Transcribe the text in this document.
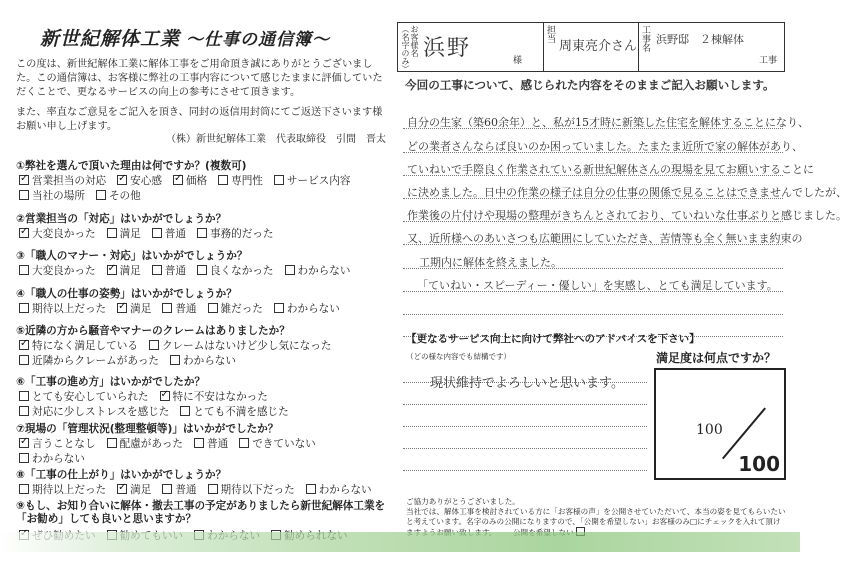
新世紀解体工業 〜仕事の通信簿〜

この度は、新世紀解体工業に解体工事をご用命頂き誠にありがとうございました。この通信簿は、お客様に弊社の工事内容について感じたままに評価していただくことで、更なるサービスの向上の参考にさせて頂きます。

また、率直なご意見をご記入を頂き、同封の返信用封筒にてご返送下さいます様お願い申し上げます。

（株）新世紀解体工業　代表取締役　引間　晋太
お客様名（名字のみ） 浜野	様
担当
周東亮介さん 工事名 浜野邸　２棟解体
工事
①弊社を選んで頂いた理由は何ですか？(複数可)
✓営業担当の対応 ✓ 安心感 ✓ 価格 専門性 サービス内容
当社の場所 その他
②営業担当の「対応」はいかがでしょうか？
✓大変良かった 満足 普通 事務的だった
③「職人のマナー・対応」はいかがでしょうか？
大変良かった ✓ 満足 普通 良くなかった わからない
④「職人の仕事の姿勢」はいかがでしょうか？
期待以上だった ✓ 満足 普通 雑だった わからない
⑤近隣の方から騒音やマナーのクレームはありましたか？
✓特になく満足している クレームはないけど少し気になった
近隣からクレームがあった わからない
⑥「工事の進め方」はいかがでしたか？
とても安心していられた ✓ 特に不安はなかった
対応に少しストレスを感じた とても不満を感じた
⑦現場の「管理状況(整理整頓等)」はいかがでしたか？
✓言うことなし 配慮があった 普通 できていない
わからない
⑧「工事の仕上がり」はいかがでしょうか？
期待以上だった ✓ 満足 普通 期待以下だった わからない
⑨もし、お知り合いに解体・撤去工事の予定がありましたら新世紀解体工業を「お勧め」しても良いと思いますか？
✓
今回の工事について、感じられた内容をそのままご記入お願いします。
自分の生家（築60余年）と、私が15才時に新築した住宅を解体することになり、
どの業者さんならば良いのか困っていました。たまたま近所で家の解体があり、
ていねいで手際良く作業されている新世紀解体さんの現場を見てお願いすることに
に決めました。日中の作業の様子は自分の仕事の関係で見ることはできませんでしたが、
作業後の片付けや現場の整理がきちんとされており、ていねいな仕事ぶりと感じました。
又、近所様へのあいさつも広範囲にしていただき、苦情等も全く無いまま約束の
工期内に解体を終えました。
「ていねい・スピーディー・優しい」を実感し、とても満足しています。
【更なるサービス向上に向けて弊社へのアドバイスを下さい】
（どの様な内容でも結構です）
現状維持でよろしいと思います。
満足度は何点ですか？
100
100
ご協力ありがとうございました。
当社では、解体工事を検討されている方に「お客様の声」を公開させていただいて、本当の姿を見てもらいたいと考えています。名字のみの公開になりますので、「公開を希望しない」お客様のみ□にチェックを入れて頂け
